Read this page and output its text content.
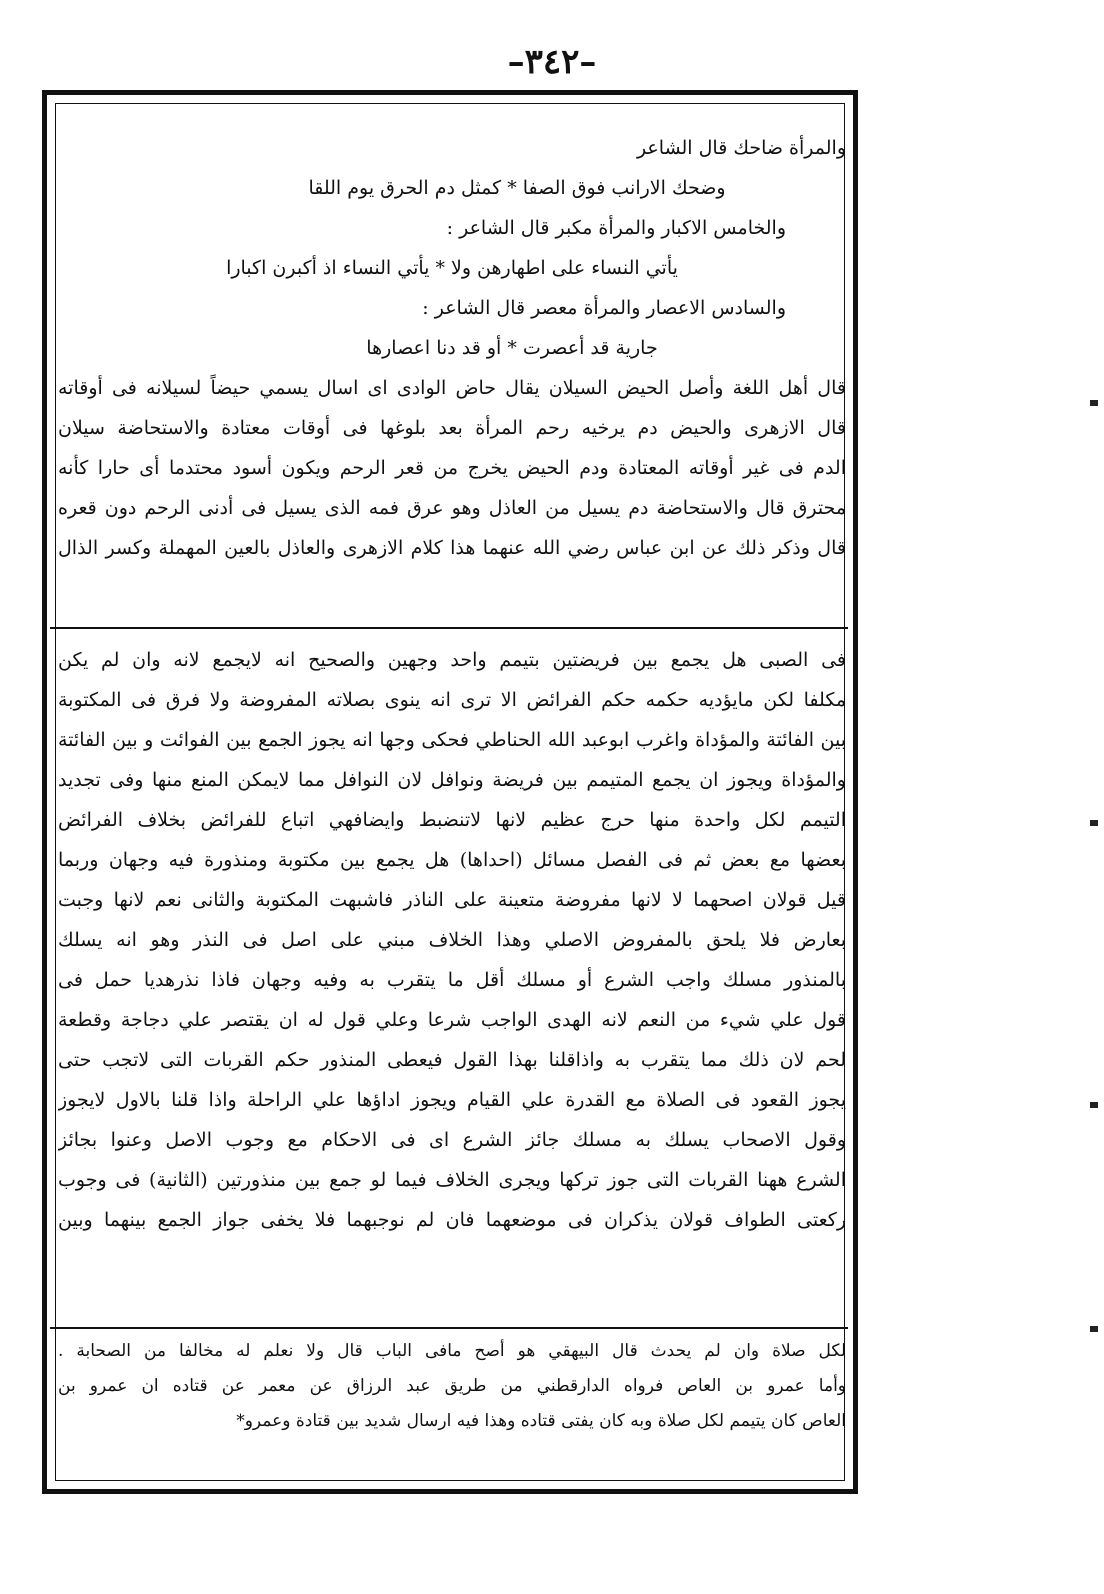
–٣٤٢–
والمرأة ضاحك قال الشاعر
وضحك الارانب فوق الصفا * كمثل دم الحرق يوم اللقا
والخامس الاكبار والمرأة مكبر قال الشاعر :
يأتي النساء على اطهارهن ولا * يأتي النساء اذ أكبرن اكبارا
والسادس الاعصار والمرأة معصر قال الشاعر :
جارية قد أعصرت * أو قد دنا اعصارها
قال أهل اللغة وأصل الحيض السيلان يقال حاض الوادى اى اسال يسمي حيضاً لسيلانه فى أوقاته
قال الازهرى والحيض دم يرخيه رحم المرأة بعد بلوغها فى أوقات معتادة والاستحاضة سيلان
الدم فى غير أوقاته المعتادة ودم الحيض يخرج من قعر الرحم ويكون أسود محتدما أى حارا كأنه
محترق قال والاستحاضة دم يسيل من العاذل وهو عرق فمه الذى يسيل فى أدنى الرحم دون قعره
قال وذكر ذلك عن ابن عباس رضي الله عنهما هذا كلام الازهرى والعاذل بالعين المهملة وكسر الذال
فى الصبى هل يجمع بين فريضتين بتيمم واحد وجهين والصحيح انه لايجمع لانه وان لم يكن
مكلفا لكن مايؤديه حكمه حكم الفرائض الا ترى انه ينوى بصلاته المفروضة ولا فرق فى المكتوبة
بين الفائتة والمؤداة واغرب ابوعبد الله الحناطي فحكى وجها انه يجوز الجمع بين الفوائت و بين الفائتة
والمؤداة ويجوز ان يجمع المتيمم بين فريضة ونوافل لان النوافل مما لايمكن المنع منها وفى تجديد
التيمم لكل واحدة منها حرج عظيم لانها لاتنضبط وايضافهي اتباع للفرائض بخلاف الفرائض
بعضها مع بعض ثم فى الفصل مسائل (احداها) هل يجمع بين مكتوبة ومنذورة فيه وجهان وربما
قيل قولان اصحهما لا لانها مفروضة متعينة على الناذر فاشبهت المكتوبة والثانى نعم لانها وجبت
بعارض فلا يلحق بالمفروض الاصلي وهذا الخلاف مبني على اصل فى النذر وهو انه يسلك
بالمنذور مسلك واجب الشرع أو مسلك أقل ما يتقرب به وفيه وجهان فاذا نذرهديا حمل فى
قول علي شيء من النعم لانه الهدى الواجب شرعا وعلي قول له ان يقتصر علي دجاجة وقطعة
لحم لان ذلك مما يتقرب به واذاقلنا بهذا القول فيعطى المنذور حكم القربات التى لاتجب حتى
يجوز القعود فى الصلاة مع القدرة علي القيام ويجوز اداؤها علي الراحلة واذا قلنا بالاول لايجوز
وقول الاصحاب يسلك به مسلك جائز الشرع اى فى الاحكام مع وجوب الاصل وعنوا بجائز
الشرع ههنا القربات التى جوز تركها ويجرى الخلاف فيما لو جمع بين منذورتين (الثانية) فى وجوب
ركعتى الطواف قولان يذكران فى موضعهما فان لم نوجبهما فلا يخفى جواز الجمع بينهما وبين
لكل صلاة وان لم يحدث قال البيهقي هو أصح مافى الباب قال ولا نعلم له مخالفا من الصحابة .
وأما عمرو بن العاص فرواه الدارقطني من طريق عبد الرزاق عن معمر عن قتاده ان عمرو بن
العاص كان يتيمم لكل صلاة وبه كان يفتى قتاده وهذا فيه ارسال شديد بين قتادة وعمرو*
